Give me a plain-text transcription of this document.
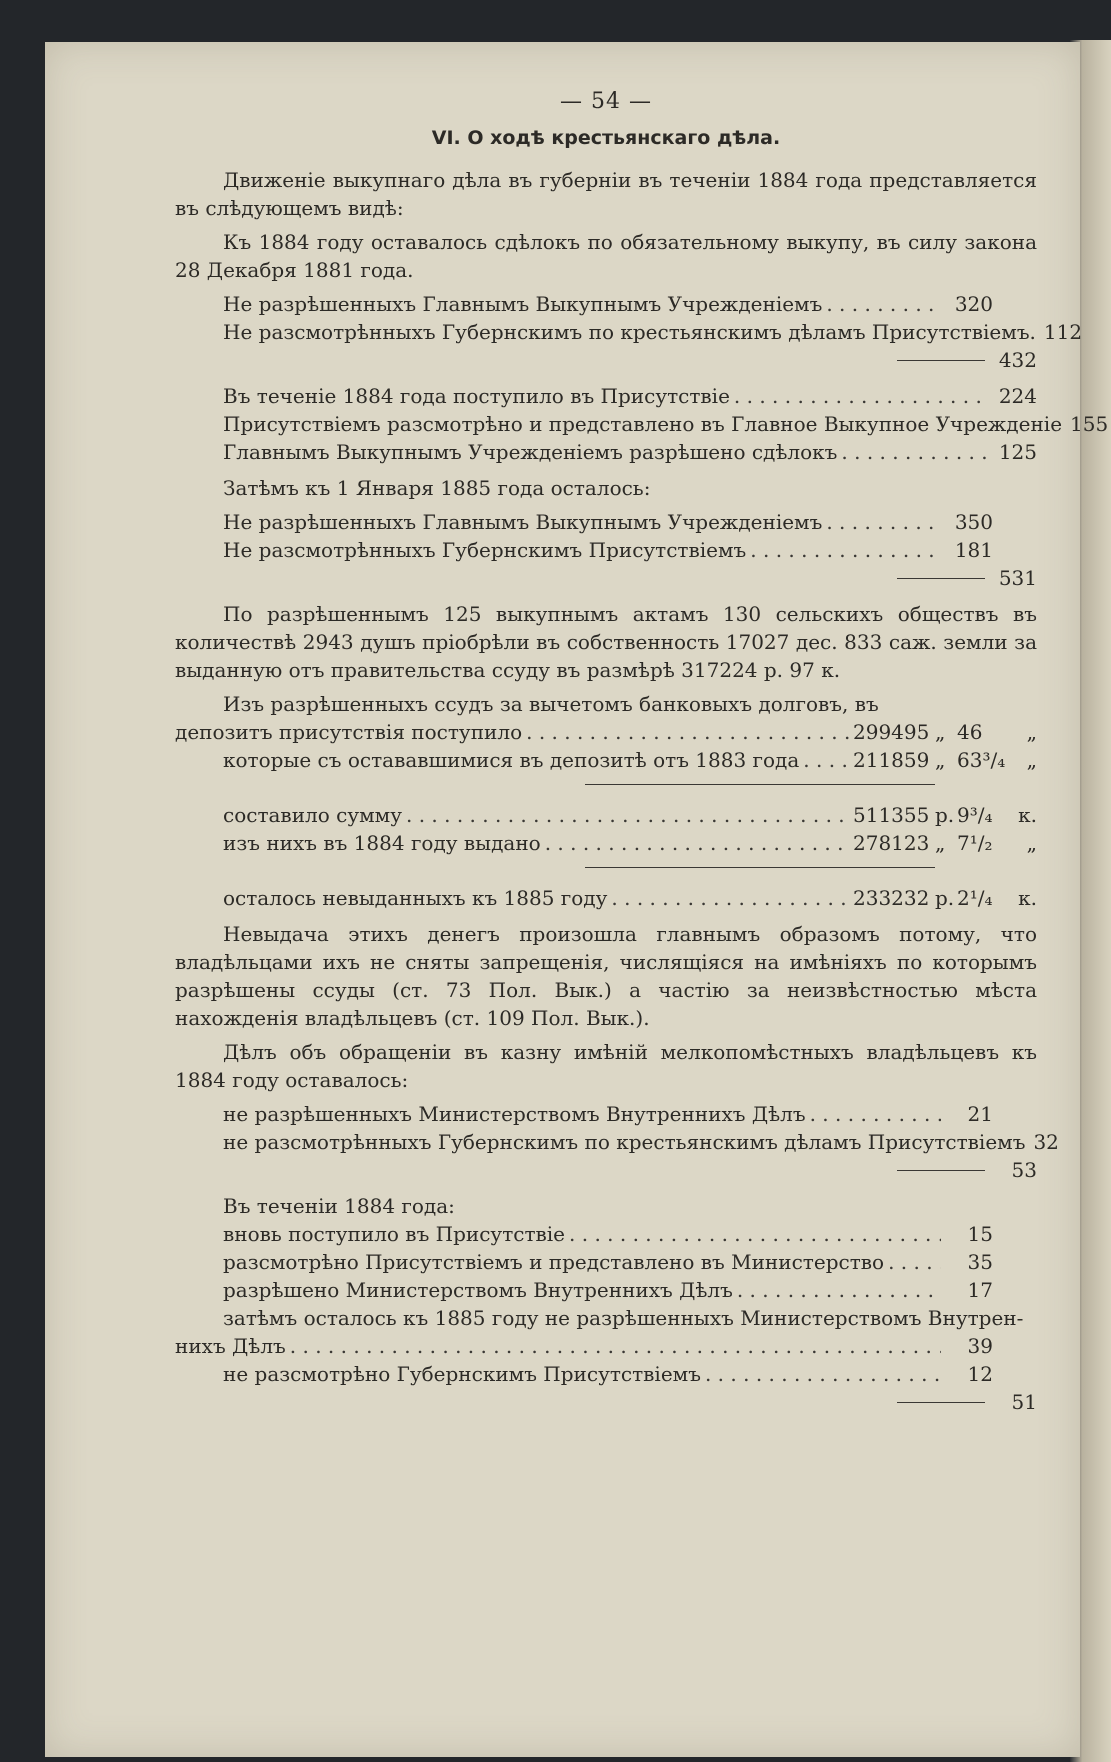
— 54 —
VI. О ходѣ крестьянскаго дѣла.

Движеніе выкупнаго дѣла въ губерніи въ теченіи 1884 года представляется въ слѣдующемъ видѣ:

Къ 1884 году оставалось сдѣлокъ по обязательному выкупу, въ силу закона 28 Декабря 1881 года.

Не разрѣшенныхъ Главнымъ Выкупнымъ Учрежденіемъ . . .	320
Не разсмотрѣнныхъ Губернскимъ по крестьянскимъ дѣламъ Присутствіемъ. 112
432
Въ теченіе 1884 года поступило въ Присутствіе . . .	224
Присутствіемъ разсмотрѣно и представлено въ Главное Выкупное Учрежденіе 155
Главнымъ Выкупнымъ Учрежденіемъ разрѣшено сдѣлокъ . . .	125

Затѣмъ къ 1 Января 1885 года осталось:

Не разрѣшенныхъ Главнымъ Выкупнымъ Учрежденіемъ . . .	350
Не разсмотрѣнныхъ Губернскимъ Присутствіемъ . . .	181
531

По разрѣшеннымъ 125 выкупнымъ актамъ 130 сельскихъ обществъ въ количествѣ 2943 душъ пріобрѣли въ собственность 17027 дес. 833 саж. земли за выданную отъ правительства ссуду въ размѣрѣ 317224 р. 97 к.

Изъ разрѣшенныхъ ссудъ за вычетомъ банковыхъ долговъ, въ

депозитъ присутствія поступило . . .	299495 „ 46	„
которые съ остававшимися въ депозитѣ отъ 1883 года . . .	211859 „ 63³/₄	„
составило сумму . . .	511355 р. 9³/₄	к.
изъ нихъ въ 1884 году выдано . . .	278123 „ 7¹/₂	„
осталось невыданныхъ къ 1885 году . . .	233232 р. 2¹/₄	к.

Невыдача этихъ денегъ произошла главнымъ образомъ потому, что владѣльцами ихъ не сняты запрещенія, числящіяся на имѣніяхъ по которымъ разрѣшены ссуды (ст. 73 Пол. Вык.) а частію за неизвѣстностью мѣста нахожденія владѣльцевъ (ст. 109 Пол. Вык.).

Дѣлъ объ обращеніи въ казну имѣній мелкопомѣстныхъ владѣльцевъ къ 1884 году оставалось:

не разрѣшенныхъ Министерствомъ Внутреннихъ Дѣлъ . . .	21
не разсмотрѣнныхъ Губернскимъ по крестьянскимъ дѣламъ Присутствіемъ 32
53

Въ теченіи 1884 года:

вновь поступило въ Присутствіе . . .	15
разсмотрѣно Присутствіемъ и представлено въ Министерство . . .	35
разрѣшено Министерствомъ Внутреннихъ Дѣлъ . . .	17
затѣмъ осталось къ 1885 году не разрѣшенныхъ Министерствомъ Внутрен-
нихъ Дѣлъ . . .	39
не разсмотрѣно Губернскимъ Присутствіемъ . . .	12
51
